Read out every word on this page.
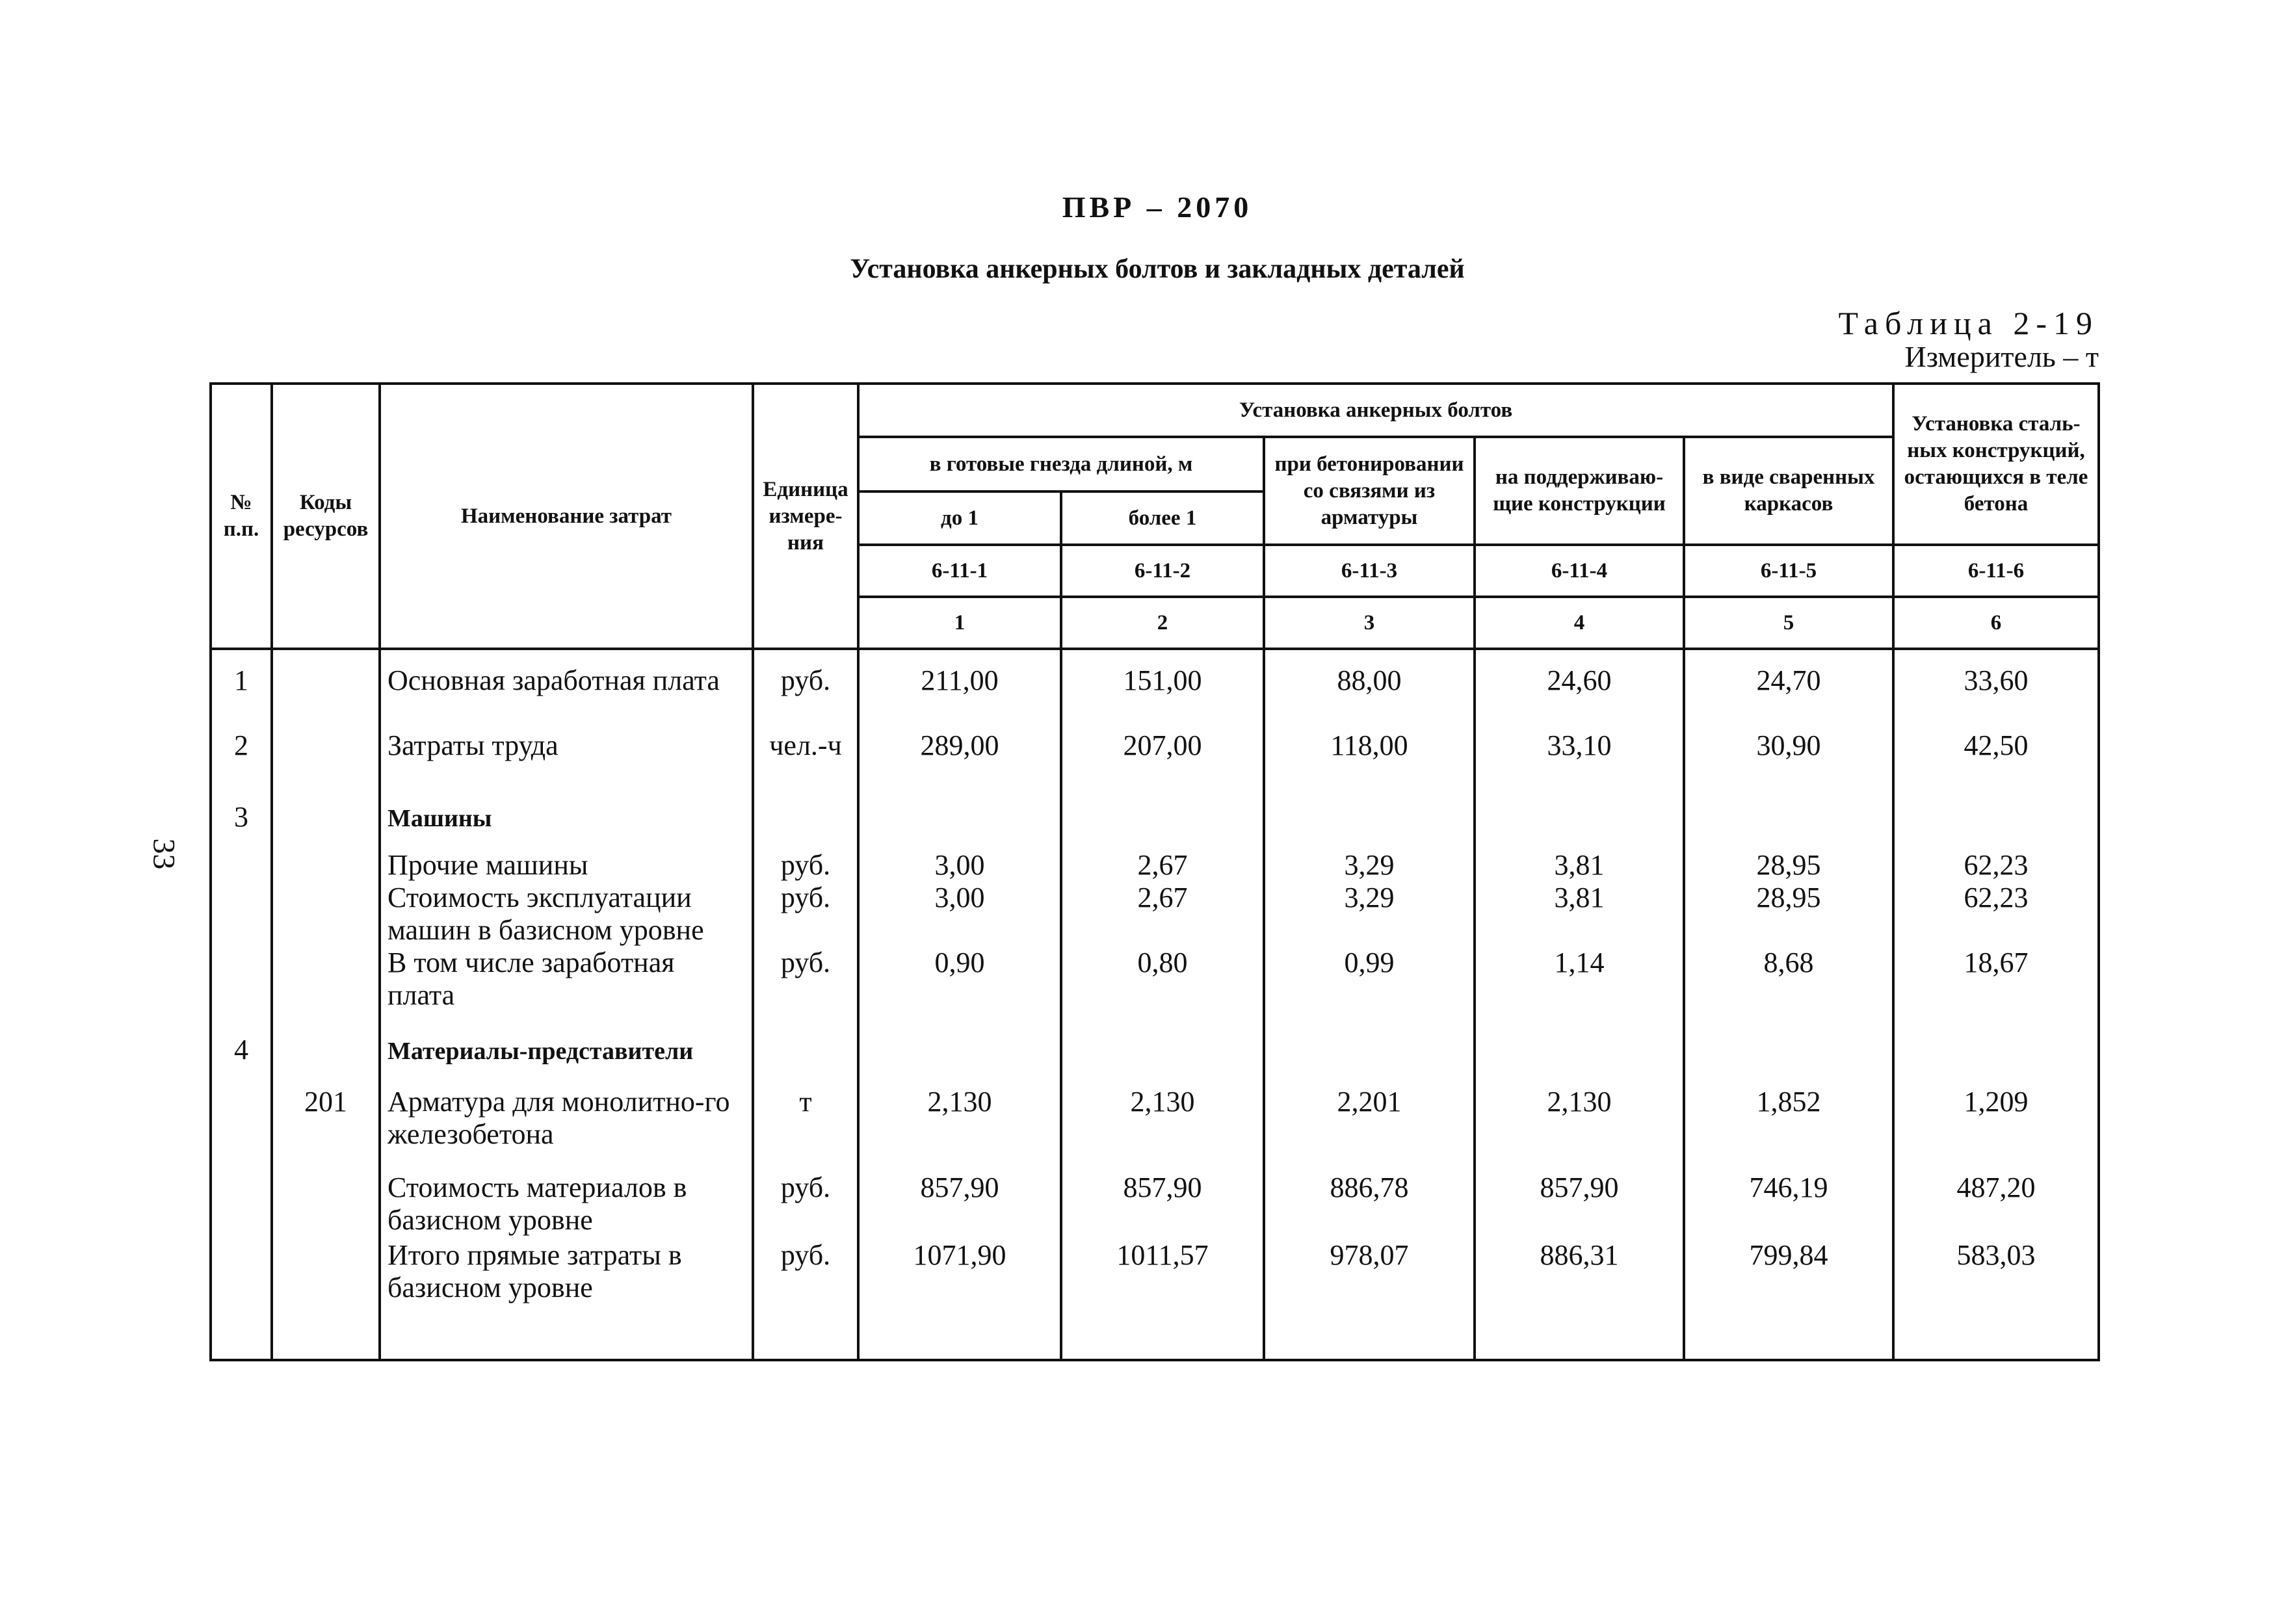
ПВР – 2070
Установка анкерных болтов и закладных деталей
Таблица 2-19
Измеритель – т
33
№ п.п.	Коды ресурсов	Наименование затрат	Единица измере-ния	Установка анкерных болтов					Установка сталь-ных конструкций, остающихся в теле бетона
				в готовые гнезда длиной, м		при бетонировании со связями из арматуры	на поддерживаю-щие конструкции	в виде сваренных каркасов	
				до 1	более 1				
				6-11-1	6-11-2	6-11-3	6-11-4	6-11-5	6-11-6
				1	2	3	4	5	6
1		Основная заработная плата	руб.	211,00	151,00	88,00	24,60	24,70	33,60
2		Затраты труда	чел.-ч	289,00	207,00	118,00	33,10	30,90	42,50
3		Машины							
		Прочие машины	руб.	3,00	2,67	3,29	3,81	28,95	62,23
		Стоимость эксплуатации машин в базисном уровне	руб.	3,00	2,67	3,29	3,81	28,95	62,23
		В том числе заработная плата	руб.	0,90	0,80	0,99	1,14	8,68	18,67
4		Материалы-представители							
	201	Арматура для монолитно-го железобетона	т	2,130	2,130	2,201	2,130	1,852	1,209
		Стоимость материалов в базисном уровне	руб.	857,90	857,90	886,78	857,90	746,19	487,20
		Итого прямые затраты в базисном уровне	руб.	1071,90	1011,57	978,07	886,31	799,84	583,03
